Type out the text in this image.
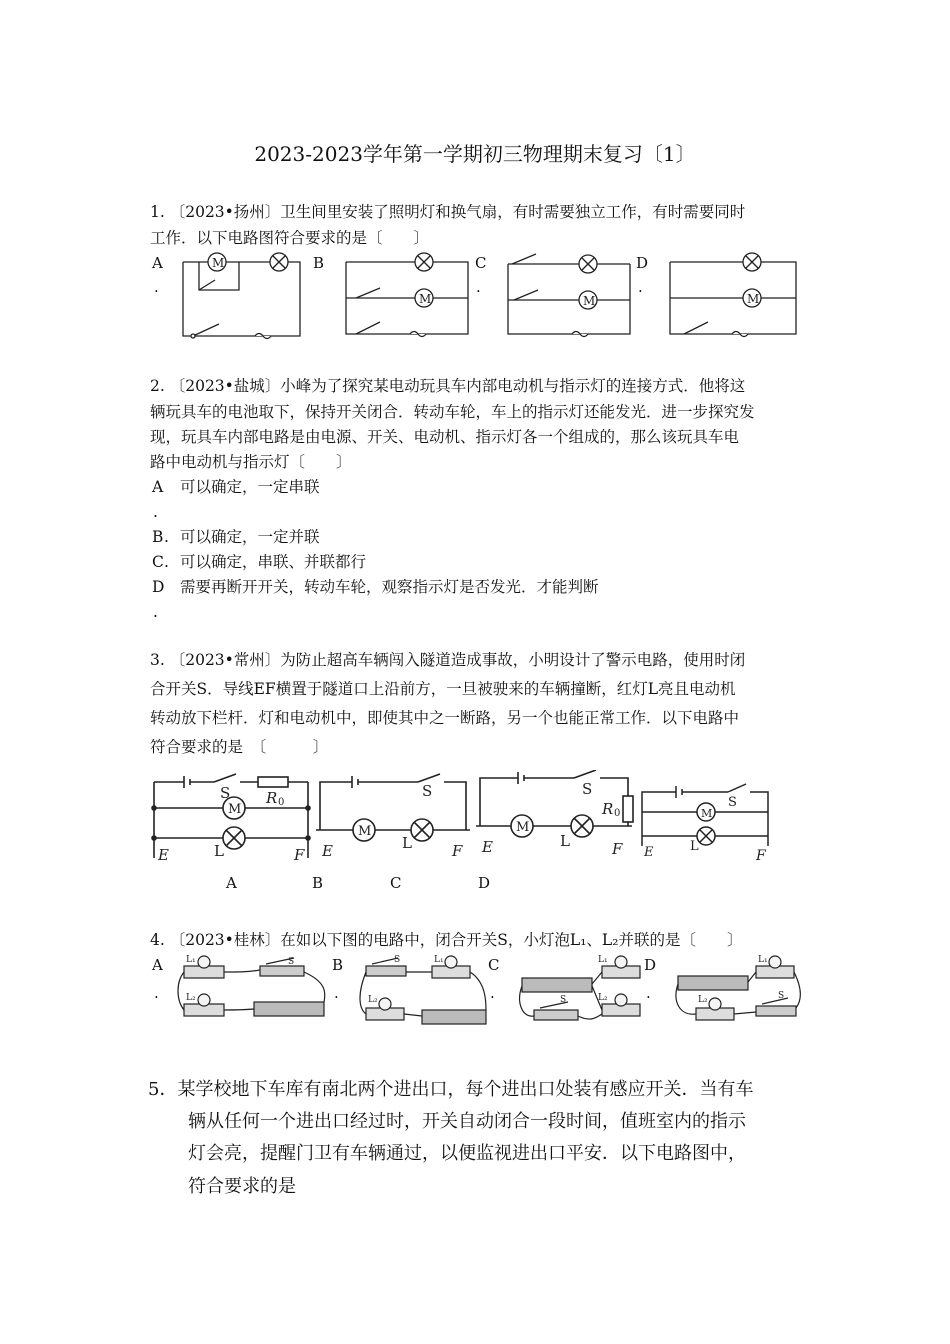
2023-2023学年第一学期初三物理期末复习〔1〕
1. 〔2023•扬州〕卫生间里安装了照明灯和换气扇，有时需要独立工作，有时需要同时
工作．以下电路图符合要求的是〔　　〕
A
.
B	C
.
D
.
M
M	M	M
2. 〔2023•盐城〕小峰为了探究某电动玩具车内部电动机与指示灯的连接方式．他将这
辆玩具车的电池取下，保持开关闭合．转动车轮，车上的指示灯还能发光．进一步探究发
现，玩具车内部电路是由电源、开关、电动机、指示灯各一个组成的，那么该玩具车电
路中电动机与指示灯〔　　〕
A 可以确定，一定串联
.
B . 可以确定，一定并联
C . 可以确定，串联、并联都行
D 需要再断开开关，转动车轮，观察指示灯是否发光．才能判断
.
3. 〔2023•常州〕为防止超高车辆闯入隧道造成事故，小明设计了警示电路，使用时闭
合开关S．导线EF横置于隧道口上沿前方，一旦被驶来的车辆撞断，红灯L亮且电动机
转动放下栏杆．灯和电动机中，即使其中之一断路，另一个也能正常工作．以下电路中
符合要求的是　〔　　　〕
M
S R 0
L
E	F
M
S
L
E	F
M
S
R 0
L
E	F
M
S
L
E	F
A	B	C	D
4. 〔2023•桂林〕在如以下图的电路中，闭合开关S，小灯泡L₁、L₂并联的是〔　　〕
A
.
B
.
C
.
D
.
L₁
L₂
S	L₁
L₂
S	L₁
L₂
S
L₁
L₂	S
5．某学校地下车库有南北两个进出口，每个进出口处装有感应开关．当有车
辆从任何一个进出口经过时，开关自动闭合一段时间，值班室内的指示
灯会亮，提醒门卫有车辆通过，以便监视进出口平安．以下电路图中，
符合要求的是
